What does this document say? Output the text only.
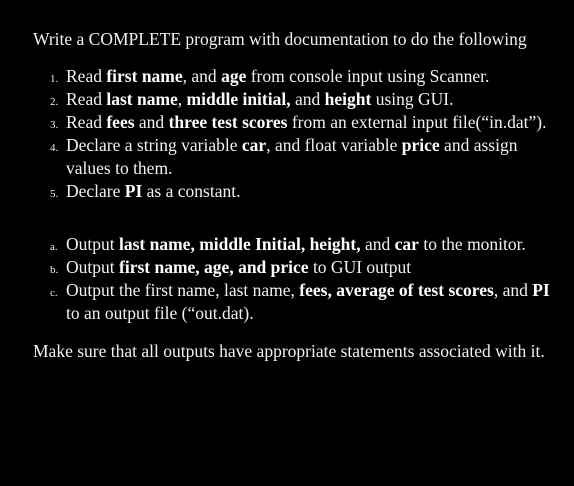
Write a COMPLETE program with documentation to do the following

1. Read first name, and age from console input using Scanner.
2. Read last name, middle initial, and height using GUI.
3. Read fees and three test scores from an external input file(“in.dat”).
4. Declare a string variable car, and float variable price and assign values to them.
5. Declare PI as a constant.
a. Output last name, middle Initial, height, and car to the monitor.
b. Output first name, age, and price to GUI output
c. Output the first name, last name, fees, average of test scores, and PI to an output file (“out.dat).

Make sure that all outputs have appropriate statements associated with it.
